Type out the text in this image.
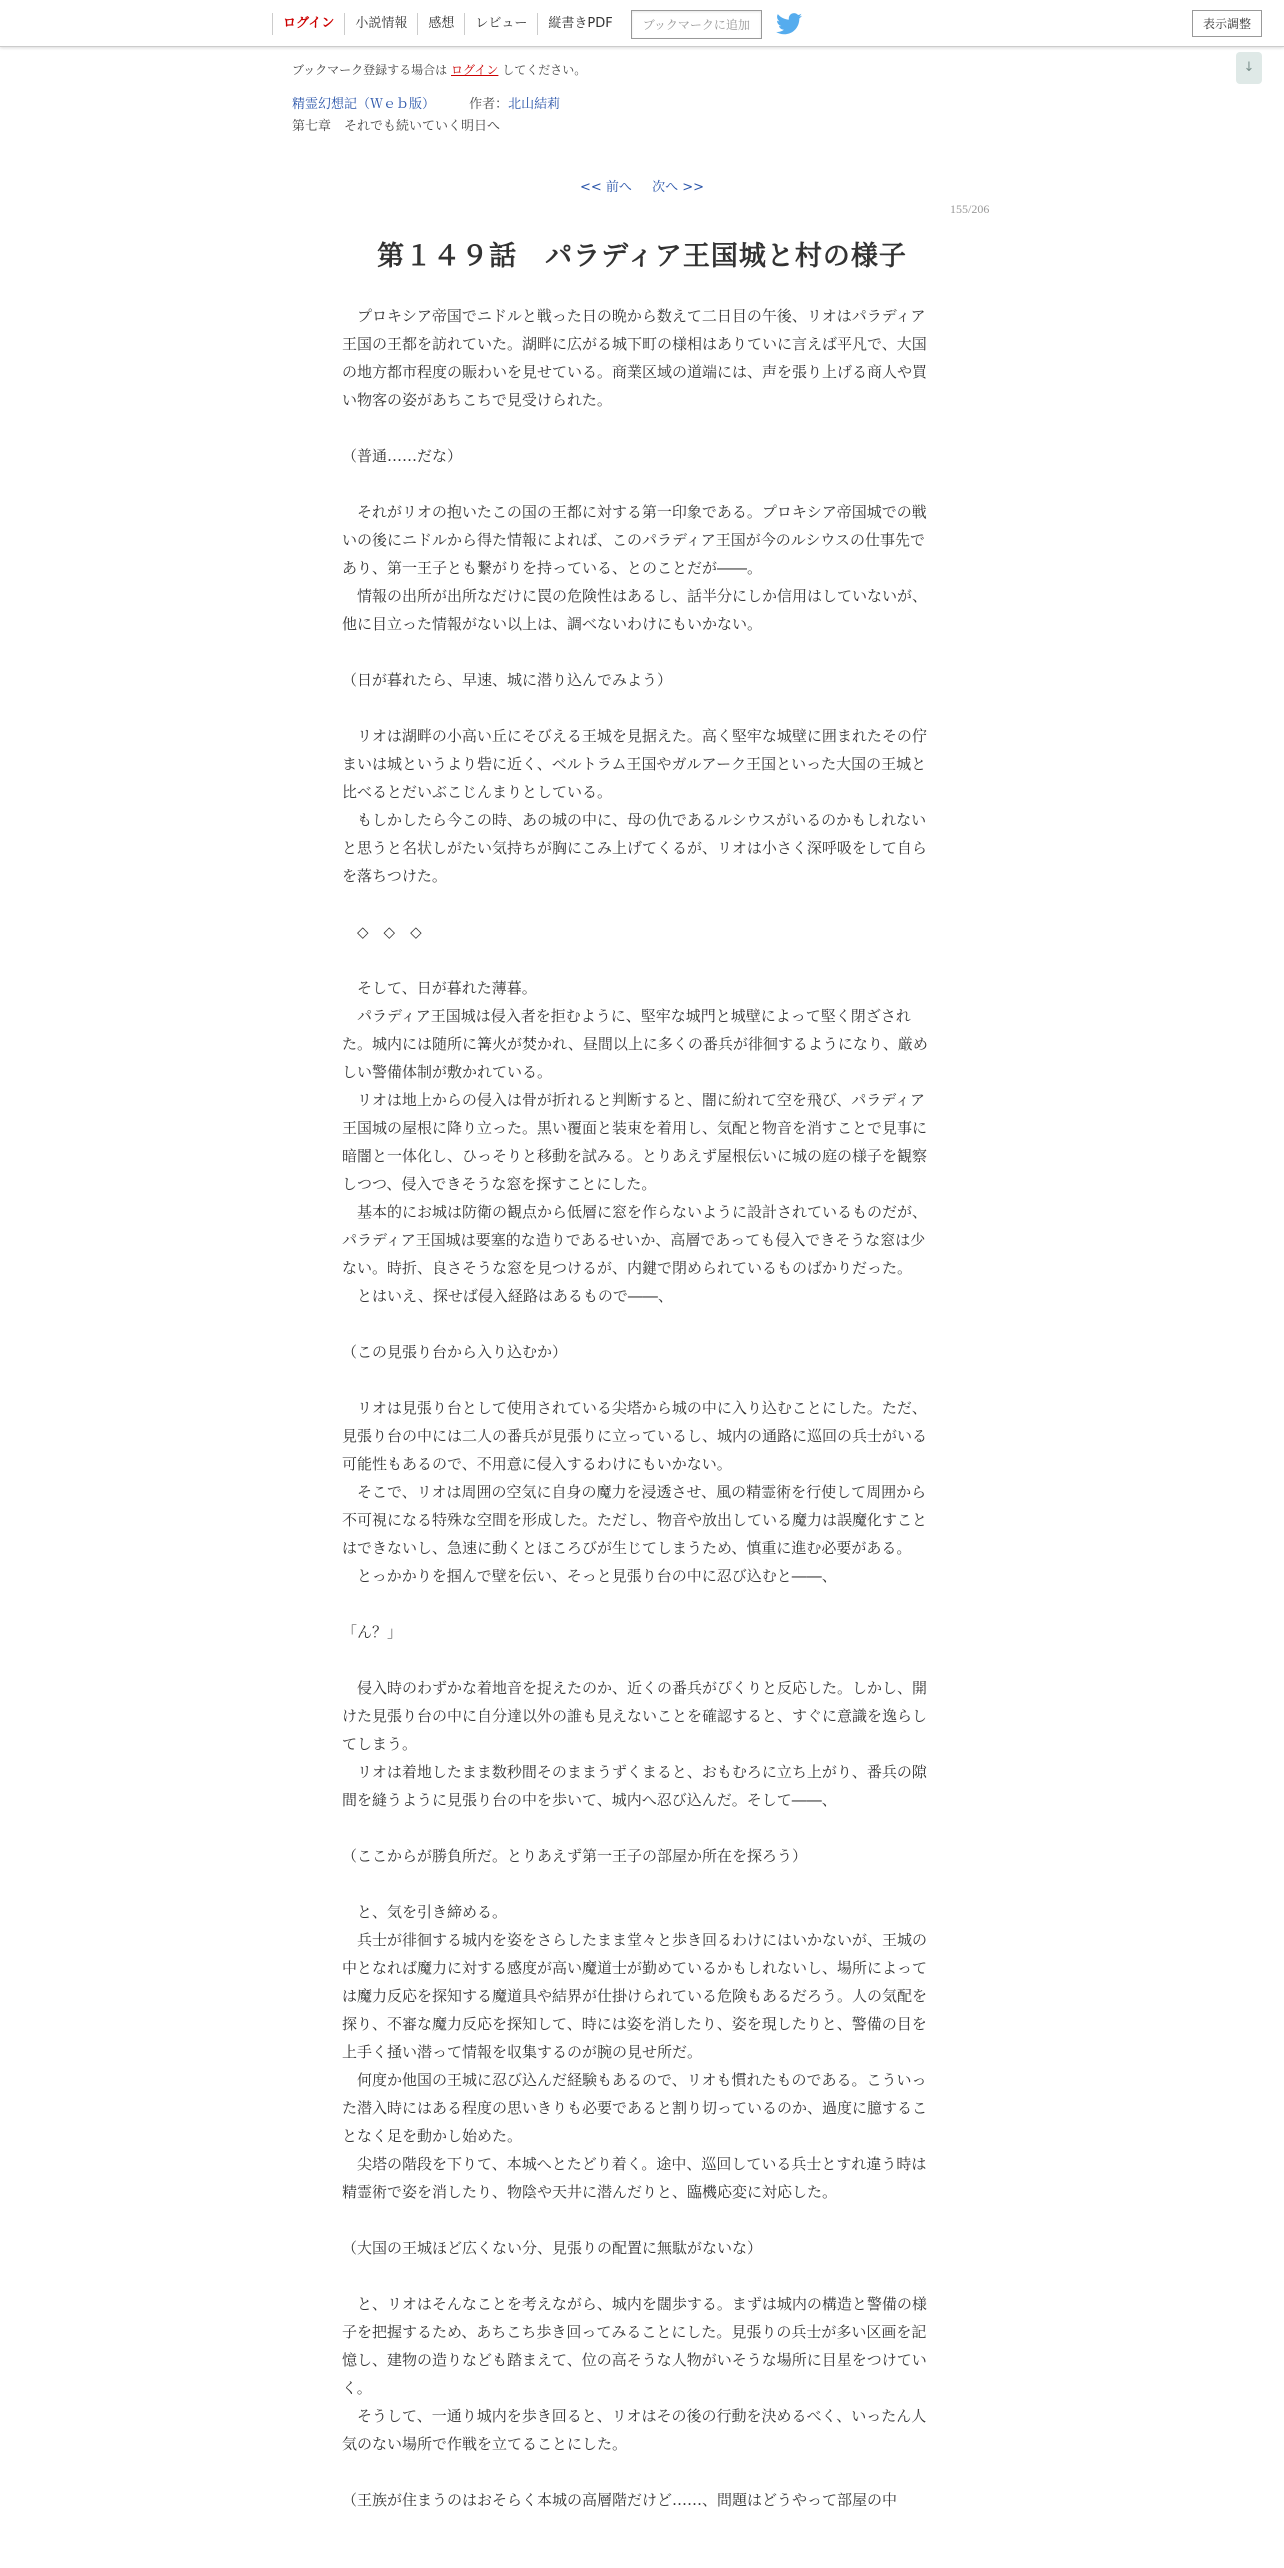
ログイン	小説情報	感想	レビュー	縦書きPDF	ブックマークに追加	表示調整
↓
ブックマーク登録する場合は ログイン してください。
精霊幻想記（Ｗｅｂ版）	作者：北山結莉
第七章　それでも続いていく明日へ
<< 前へ 次へ >>
155/206
第１４９話　パラディア王国城と村の様子

　プロキシア帝国でニドルと戦った日の晩から数えて二日目の午後、リオはパラディア王国の王都を訪れていた。湖畔に広がる城下町の様相はありていに言えば平凡で、大国の地方都市程度の賑わいを見せている。商業区域の道端には、声を張り上げる商人や買い物客の姿があちこちで見受けられた。

（普通……だな）

　それがリオの抱いたこの国の王都に対する第一印象である。プロキシア帝国城での戦いの後にニドルから得た情報によれば、このパラディア王国が今のルシウスの仕事先であり、第一王子とも繋がりを持っている、とのことだが――。

　情報の出所が出所なだけに罠の危険性はあるし、話半分にしか信用はしていないが、他に目立った情報がない以上は、調べないわけにもいかない。

（日が暮れたら、早速、城に潜り込んでみよう）

　リオは湖畔の小高い丘にそびえる王城を見据えた。高く堅牢な城壁に囲まれたその佇まいは城というより砦に近く、ベルトラム王国やガルアーク王国といった大国の王城と比べるとだいぶこじんまりとしている。

　もしかしたら今この時、あの城の中に、母の仇であるルシウスがいるのかもしれないと思うと名状しがたい気持ちが胸にこみ上げてくるが、リオは小さく深呼吸をして自らを落ちつけた。

　◇　◇　◇

　そして、日が暮れた薄暮。

　パラディア王国城は侵入者を拒むように、堅牢な城門と城壁によって堅く閉ざされた。城内には随所に篝火が焚かれ、昼間以上に多くの番兵が徘徊するようになり、厳めしい警備体制が敷かれている。

　リオは地上からの侵入は骨が折れると判断すると、闇に紛れて空を飛び、パラディア王国城の屋根に降り立った。黒い覆面と装束を着用し、気配と物音を消すことで見事に暗闇と一体化し、ひっそりと移動を試みる。とりあえず屋根伝いに城の庭の様子を観察しつつ、侵入できそうな窓を探すことにした。

　基本的にお城は防衛の観点から低層に窓を作らないように設計されているものだが、パラディア王国城は要塞的な造りであるせいか、高層であっても侵入できそうな窓は少ない。時折、良さそうな窓を見つけるが、内鍵で閉められているものばかりだった。

　とはいえ、探せば侵入経路はあるもので――、

（この見張り台から入り込むか）

　リオは見張り台として使用されている尖塔から城の中に入り込むことにした。ただ、見張り台の中には二人の番兵が見張りに立っているし、城内の通路に巡回の兵士がいる可能性もあるので、不用意に侵入するわけにもいかない。

　そこで、リオは周囲の空気に自身の魔力を浸透させ、風の精霊術を行使して周囲から不可視になる特殊な空間を形成した。ただし、物音や放出している魔力は誤魔化すことはできないし、急速に動くとほころびが生じてしまうため、慎重に進む必要がある。

　とっかかりを掴んで壁を伝い、そっと見張り台の中に忍び込むと――、

「ん？」

　侵入時のわずかな着地音を捉えたのか、近くの番兵がぴくりと反応した。しかし、開けた見張り台の中に自分達以外の誰も見えないことを確認すると、すぐに意識を逸らしてしまう。

　リオは着地したまま数秒間そのままうずくまると、おもむろに立ち上がり、番兵の隙間を縫うように見張り台の中を歩いて、城内へ忍び込んだ。そして――、

（ここからが勝負所だ。とりあえず第一王子の部屋か所在を探ろう）

　と、気を引き締める。

　兵士が徘徊する城内を姿をさらしたまま堂々と歩き回るわけにはいかないが、王城の中となれば魔力に対する感度が高い魔道士が勤めているかもしれないし、場所によっては魔力反応を探知する魔道具や結界が仕掛けられている危険もあるだろう。人の気配を探り、不審な魔力反応を探知して、時には姿を消したり、姿を現したりと、警備の目を上手く掻い潜って情報を収集するのが腕の見せ所だ。

　何度か他国の王城に忍び込んだ経験もあるので、リオも慣れたものである。こういった潜入時にはある程度の思いきりも必要であると割り切っているのか、過度に臆することなく足を動かし始めた。

　尖塔の階段を下りて、本城へとたどり着く。途中、巡回している兵士とすれ違う時は精霊術で姿を消したり、物陰や天井に潜んだりと、臨機応変に対応した。

（大国の王城ほど広くない分、見張りの配置に無駄がないな）

　と、リオはそんなことを考えながら、城内を闊歩する。まずは城内の構造と警備の様子を把握するため、あちこち歩き回ってみることにした。見張りの兵士が多い区画を記憶し、建物の造りなども踏まえて、位の高そうな人物がいそうな場所に目星をつけていく。

　そうして、一通り城内を歩き回ると、リオはその後の行動を決めるべく、いったん人気のない場所で作戦を立てることにした。

（王族が住まうのはおそらく本城の高層階だけど……、問題はどうやって部屋の中
